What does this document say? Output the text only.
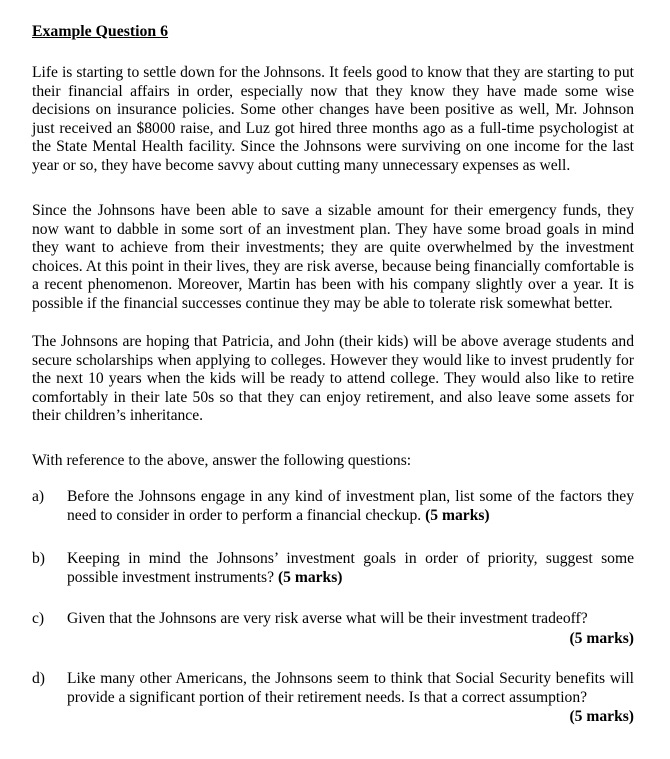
Example Question 6

Life is starting to settle down for the Johnsons. It feels good to know that they are starting to put their financial affairs in order, especially now that they know they have made some wise decisions on insurance policies. Some other changes have been positive as well, Mr. Johnson just received an $8000 raise, and Luz got hired three months ago as a full-time psychologist at the State Mental Health facility. Since the Johnsons were surviving on one income for the last year or so, they have become savvy about cutting many unnecessary expenses as well.

Since the Johnsons have been able to save a sizable amount for their emergency funds, they now want to dabble in some sort of an investment plan. They have some broad goals in mind they want to achieve from their investments; they are quite overwhelmed by the investment choices. At this point in their lives, they are risk averse, because being financially comfortable is a recent phenomenon. Moreover, Martin has been with his company slightly over a year. It is possible if the financial successes continue they may be able to tolerate risk somewhat better.

The Johnsons are hoping that Patricia, and John (their kids) will be above average students and secure scholarships when applying to colleges. However they would like to invest prudently for the next 10 years when the kids will be ready to attend college. They would also like to retire comfortably in their late 50s so that they can enjoy retirement, and also leave some assets for their children’s inheritance.

With reference to the above, answer the following questions:

a) Before the Johnsons engage in any kind of investment plan, list some of the factors they need to consider in order to perform a financial checkup. (5 marks)

b) Keeping in mind the Johnsons’ investment goals in order of priority, suggest some possible investment instruments? (5 marks)

c) Given that the Johnsons are very risk averse what will be their investment tradeoff?

(5 marks)
d) Like many other Americans, the Johnsons seem to think that Social Security benefits will provide a significant portion of their retirement needs. Is that a correct assumption?

(5 marks)
